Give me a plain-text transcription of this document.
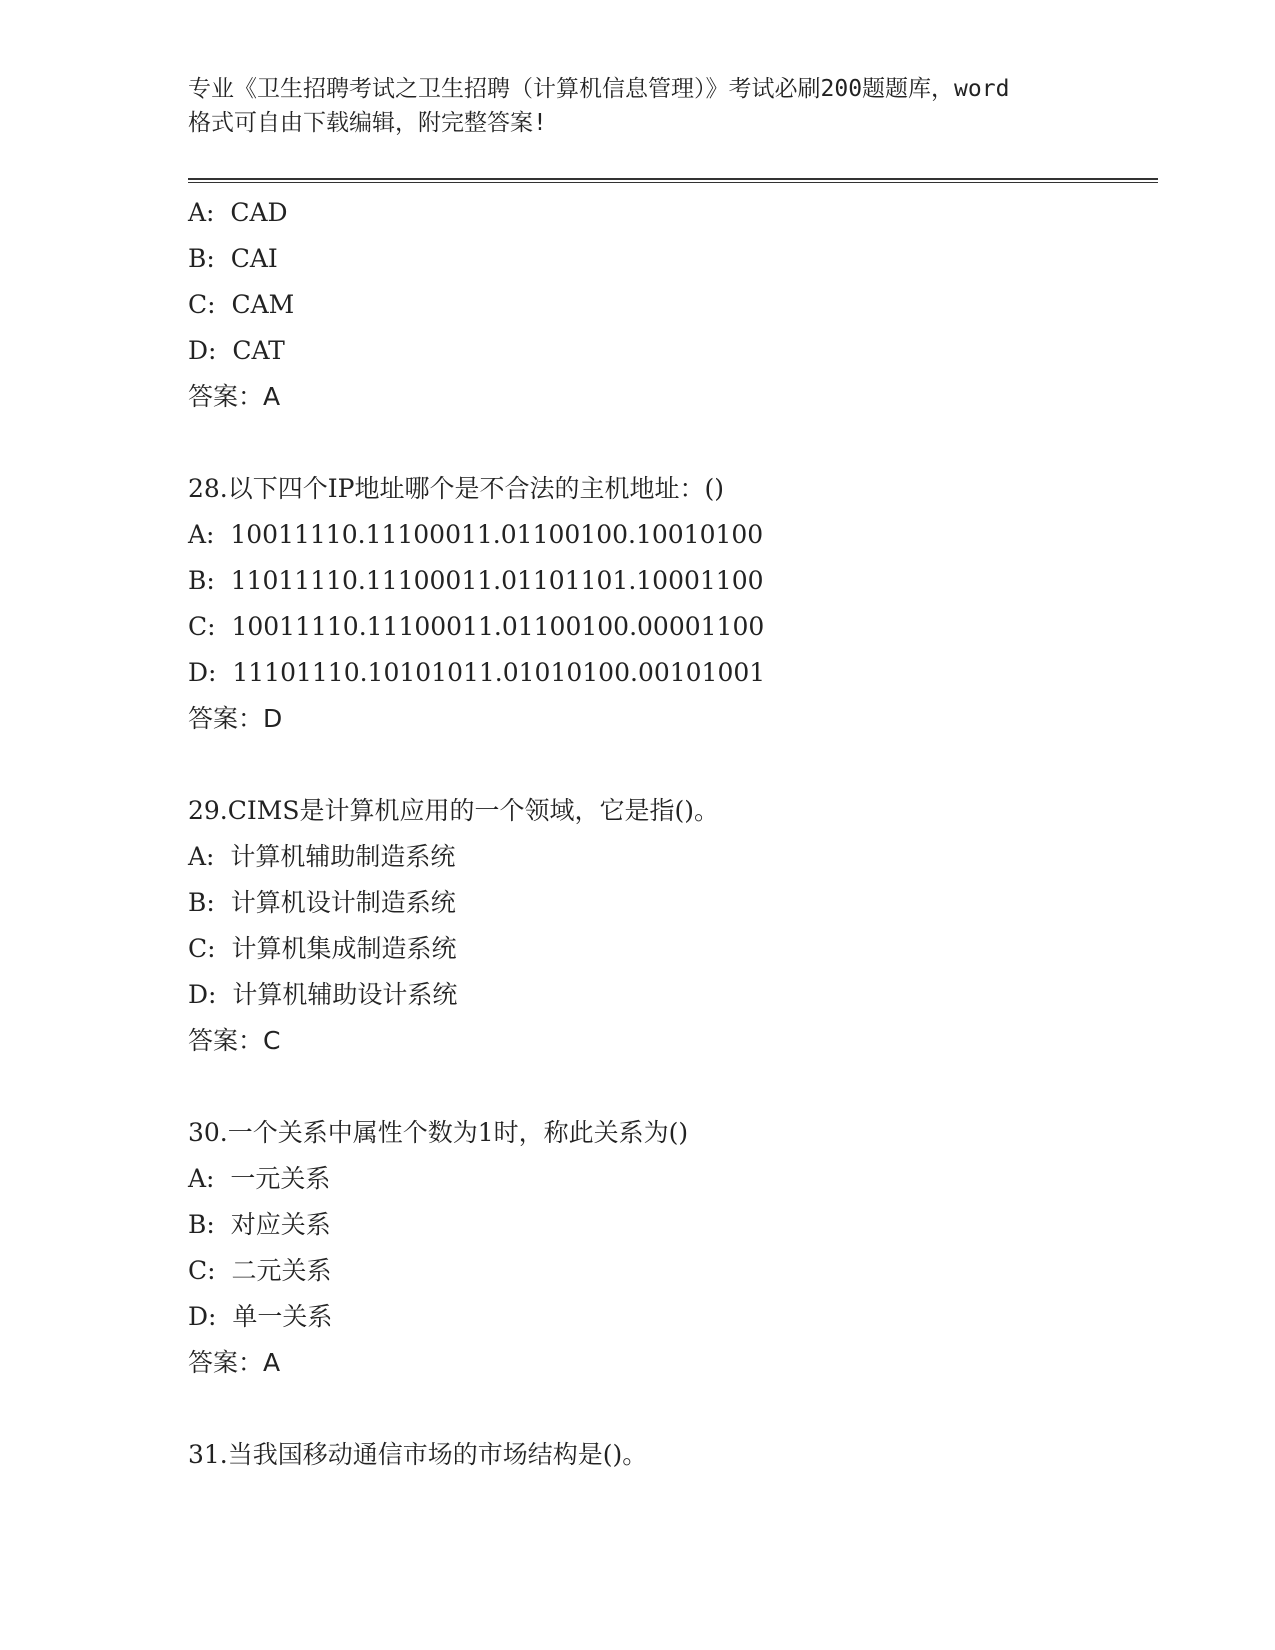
专业《卫生招聘考试之卫生招聘（计算机信息管理）》考试必刷200题题库，word
格式可自由下载编辑，附完整答案!
A:  CAD
B:  CAI
C:  CAM
D:  CAT
答案：A
28.以下四个IP地址哪个是不合法的主机地址：()
A:  10011110.11100011.01100100.10010100
B:  11011110.11100011.01101101.10001100
C:  10011110.11100011.01100100.00001100
D:  11101110.10101011.01010100.00101001
答案：D
29.CIMS是计算机应用的一个领域，它是指()。
A:  计算机辅助制造系统
B:  计算机设计制造系统
C:  计算机集成制造系统
D:  计算机辅助设计系统
答案：C
30.一个关系中属性个数为1时，称此关系为()
A:  一元关系
B:  对应关系
C:  二元关系
D:  单一关系
答案：A
31.当我国移动通信市场的市场结构是()。
